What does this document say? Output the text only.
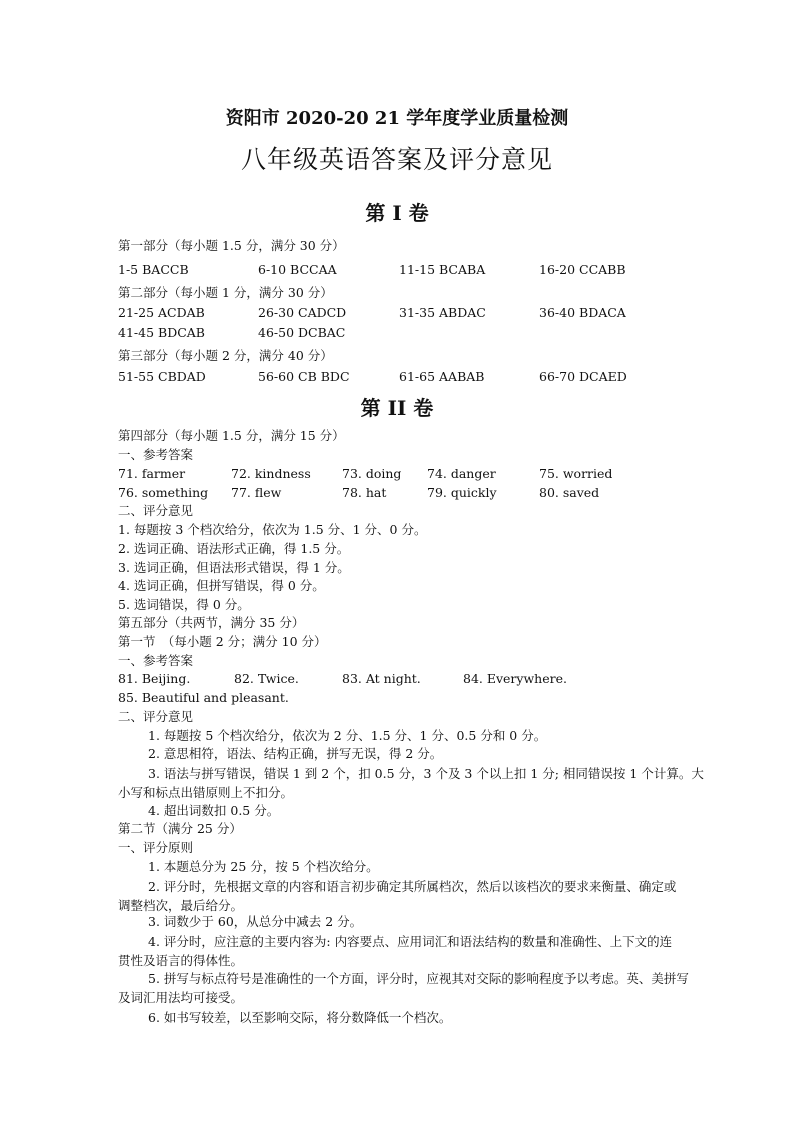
资阳市 2020-20 21 学年度学业质量检测
八年级英语答案及评分意见
第 I 卷
第一部分（每小题 1.5 分，满分 30 分）
1-5 BACCB	6-10 BCCAA	11-15 BCABA	16-20 CCABB
第二部分（每小题 1 分，满分 30 分）
21-25 ACDAB	26-30 CADCD	31-35 ABDAC	36-40 BDACA
41-45 BDCAB	46-50 DCBAC
第三部分（每小题 2 分，满分 40 分）
51-55 CBDAD	56-60 CB BDC	61-65 AABAB	66-70 DCAED
第 II 卷
第四部分（每小题 1.5 分，满分 15 分）
一、参考答案
71. farmer	72. kindness 73. doing 74. danger	75. worried
76. something 77. flew	78. hat	79. quickly	80. saved
二、评分意见
1. 每题按 3 个档次给分，依次为 1.5 分、1 分、0 分。
2. 选词正确、语法形式正确，得 1.5 分。
3. 选词正确，但语法形式错误，得 1 分。
4. 选词正确，但拼写错误，得 0 分。
5. 选词错误，得 0 分。
第五部分（共两节，满分 35 分）
第一节　（每小题 2 分；满分 10 分）
一、参考答案
81. Beijing.	82. Twice.	83. At night.	84. Everywhere.
85. Beautiful and pleasant.
二、评分意见
1. 每题按 5 个档次给分，依次为 2 分、1.5 分、1 分、0.5 分和 0 分。
2. 意思相符，语法、结构正确，拼写无误，得 2 分。
3. 语法与拼写错误，错误 1 到 2 个，扣 0.5 分，3 个及 3 个以上扣 1 分; 相同错误按 1 个计算。大小写和标点出错原则上不扣分。
4. 超出词数扣 0.5 分。
第二节（满分 25 分）
一、评分原则
1. 本题总分为 25 分，按 5 个档次给分。
2. 评分时，先根据文章的内容和语言初步确定其所属档次，然后以该档次的要求来衡量、确定或调整档次，最后给分。
3. 词数少于 60，从总分中减去 2 分。
4. 评分时，应注意的主要内容为: 内容要点、应用词汇和语法结构的数量和准确性、上下文的连贯性及语言的得体性。
5. 拼写与标点符号是准确性的一个方面，评分时，应视其对交际的影响程度予以考虑。英、美拼写及词汇用法均可接受。
6. 如书写较差，以至影响交际，将分数降低一个档次。
